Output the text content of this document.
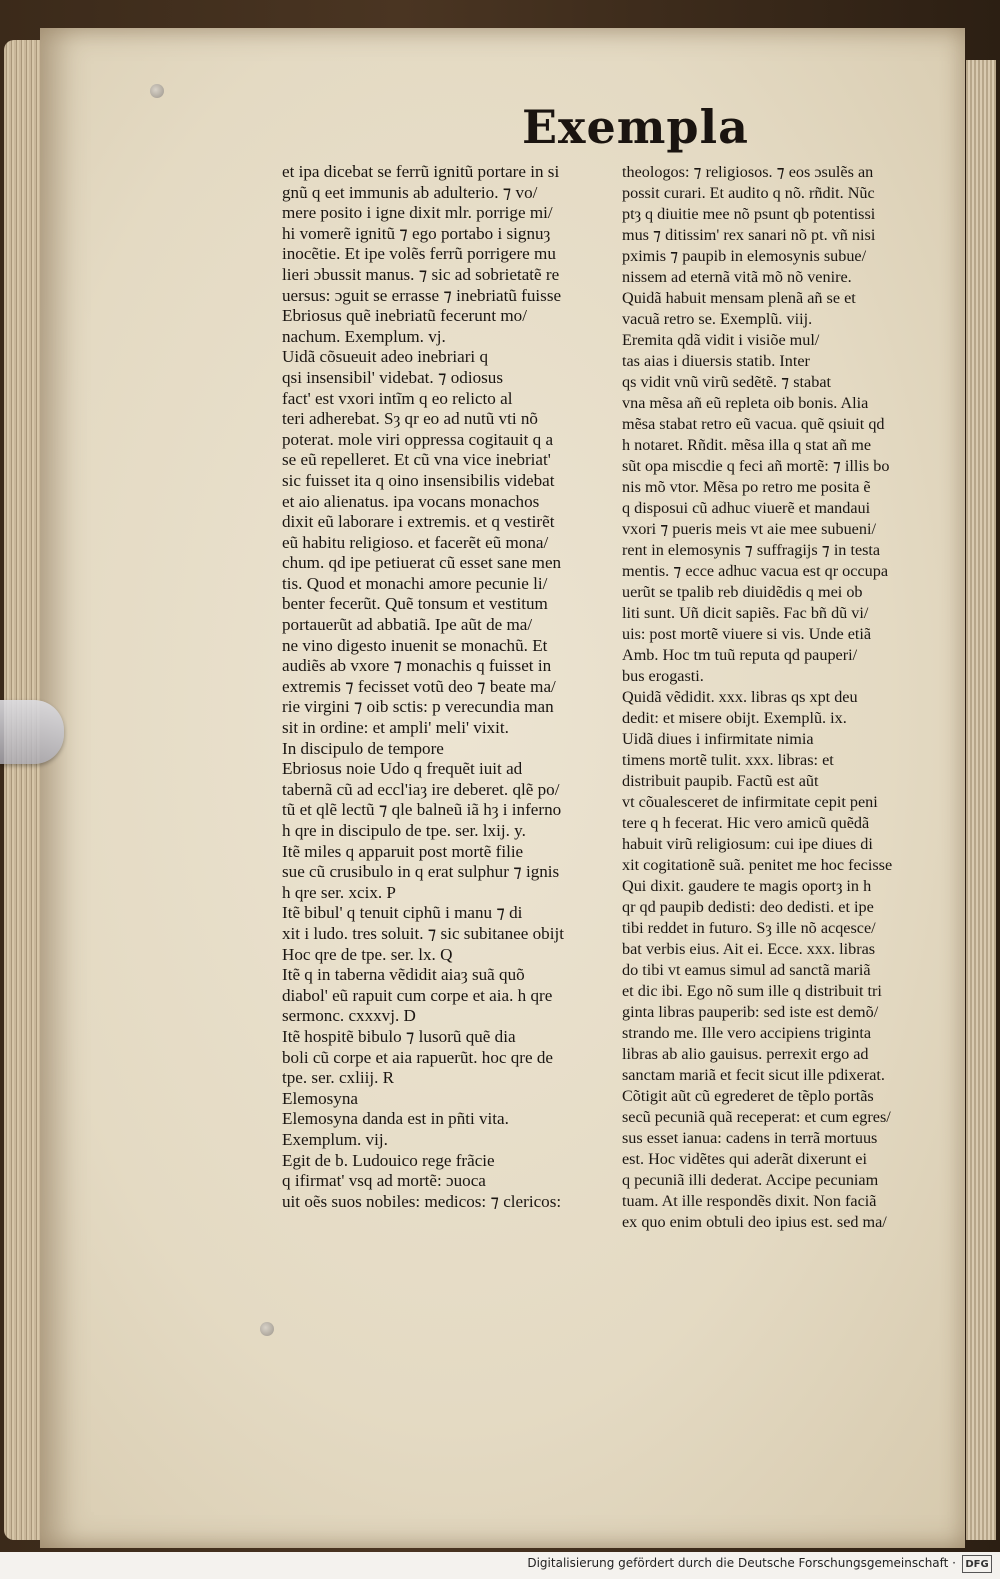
Exempla
et ipa dicebat se ferrũ ignitũ portare in si
gnũ q eet immunis ab adulterio. ⁊ vo/
mere posito i igne dixit mlr. porrige mi/
hi vomerẽ ignitũ ⁊ ego portabo i signuȝ
inocẽtie. Et ipe volẽs ferrũ porrigere mu
lieri ɔbussit manus. ⁊ sic ad sobrietatẽ re
uersus: ɔguit se errasse ⁊ inebriatũ fuisse
Ebriosus quẽ inebriatũ fecerunt mo/
nachum. Exemplum. vj.
Uidã cõsueuit adeo inebriari q
qsi insensibil' videbat. ⁊ odiosus
fact' est vxori intĩm q eo relicto al
teri adherebat. Sȝ qr eo ad nutũ vti nõ
poterat. mole viri oppressa cogitauit q a
se eũ repelleret. Et cũ vna vice inebriat'
sic fuisset ita q oino insensibilis videbat
et aio alienatus. ipa vocans monachos
dixit eũ laborare i extremis. et q vestirẽt
eũ habitu religioso. et facerẽt eũ mona/
chum. qd ipe petiuerat cũ esset sane men
tis. Quod et monachi amore pecunie li/
benter fecerũt. Quẽ tonsum et vestitum
portauerũt ad abbatiã. Ipe aũt de ma/
ne vino digesto inuenit se monachũ. Et
audiẽs ab vxore ⁊ monachis q fuisset in
extremis ⁊ fecisset votũ deo ⁊ beate ma/
rie virgini ⁊ oib sctis: p verecundia man
sit in ordine: et ampli' meli' vixit.
In discipulo de tempore
Ebriosus noie Udo q frequẽt iuit ad
tabernã cũ ad eccl'iaȝ ire deberet. qlẽ po/
tũ et qlẽ lectũ ⁊ qle balneũ iã hȝ i inferno
h qre in discipulo de tpe. ser. lxij. y.
Itẽ miles q apparuit post mortẽ filie
sue cũ crusibulo in q erat sulphur ⁊ ignis
h qre ser. xcix. P
Itẽ bibul' q tenuit ciphũ i manu ⁊ di
xit i ludo. tres soluit. ⁊ sic subitanee obijt
Hoc qre de tpe. ser. lx. Q
Itẽ q in taberna vẽdidit aiaȝ suã quõ
diabol' eũ rapuit cum corpe et aia. h qre
sermonc. cxxxvj. D
Itẽ hospitẽ bibulo ⁊ lusorũ quẽ dia
boli cũ corpe et aia rapuerũt. hoc qre de
tpe. ser. cxliij. R
Elemosyna
Elemosyna danda est in pñti vita.
Exemplum. vij.
Egit de b. Ludouico rege frãcie
q ifirmat' vsq ad mortẽ: ɔuoca
uit oẽs suos nobiles: medicos: ⁊ clericos:
theologos: ⁊ religiosos. ⁊ eos ɔsulẽs an
possit curari. Et audito q nõ. rñdit. Nũc
ptȝ q diuitie mee nõ psunt qb potentissi
mus ⁊ ditissim' rex sanari nõ pt. vñ nisi
pximis ⁊ paupib in elemosynis subue/
nissem ad eternã vitã mõ nõ venire.
Quidã habuit mensam plenã añ se et
vacuã retro se. Exemplũ. viij.
Eremita qdã vidit i visiõe mul/
tas aias i diuersis statib. Inter
qs vidit vnũ virũ sedẽtẽ. ⁊ stabat
vna mẽsa añ eũ repleta oib bonis. Alia
mẽsa stabat retro eũ vacua. quẽ qsiuit qd
h notaret. Rñdit. mẽsa illa q stat añ me
sũt opa miscdie q feci añ mortẽ: ⁊ illis bo
nis mõ vtor. Mẽsa po retro me posita ẽ
q disposui cũ adhuc viuerẽ et mandaui
vxori ⁊ pueris meis vt aie mee subueni/
rent in elemosynis ⁊ suffragijs ⁊ in testa
mentis. ⁊ ecce adhuc vacua est qr occupa
uerũt se tpalib reb diuidẽdis q mei ob
liti sunt. Uñ dicit sapiẽs. Fac bñ dũ vi/
uis: post mortẽ viuere si vis. Unde etiã
Amb. Hoc tm tuũ reputa qd pauperi/
bus erogasti.
Quidã vẽdidit. xxx. libras qs xpt deu
dedit: et misere obijt. Exemplũ. ix.
Uidã diues i infirmitate nimia
timens mortẽ tulit. xxx. libras: et
distribuit paupib. Factũ est aũt
vt cõualesceret de infirmitate cepit peni
tere q h fecerat. Hic vero amicũ quẽdã
habuit virũ religiosum: cui ipe diues di
xit cogitationẽ suã. penitet me hoc fecisse
Qui dixit. gaudere te magis oportȝ in h
qr qd paupib dedisti: deo dedisti. et ipe
tibi reddet in futuro. Sȝ ille nõ acqesce/
bat verbis eius. Ait ei. Ecce. xxx. libras
do tibi vt eamus simul ad sanctã mariã
et dic ibi. Ego nõ sum ille q distribuit tri
ginta libras pauperib: sed iste est demõ/
strando me. Ille vero accipiens triginta
libras ab alio gauisus. perrexit ergo ad
sanctam mariã et fecit sicut ille pdixerat.
Cõtigit aũt cũ egrederet de tẽplo portãs
secũ pecuniã quã receperat: et cum egres/
sus esset ianua: cadens in terrã mortuus
est. Hoc vidẽtes qui aderãt dixerunt ei
q pecuniã illi dederat. Accipe pecuniam
tuam. At ille respondẽs dixit. Non faciã
ex quo enim obtuli deo ipius est. sed ma/
Digitalisierung gefördert durch die Deutsche Forschungsgemeinschaft · DFG
